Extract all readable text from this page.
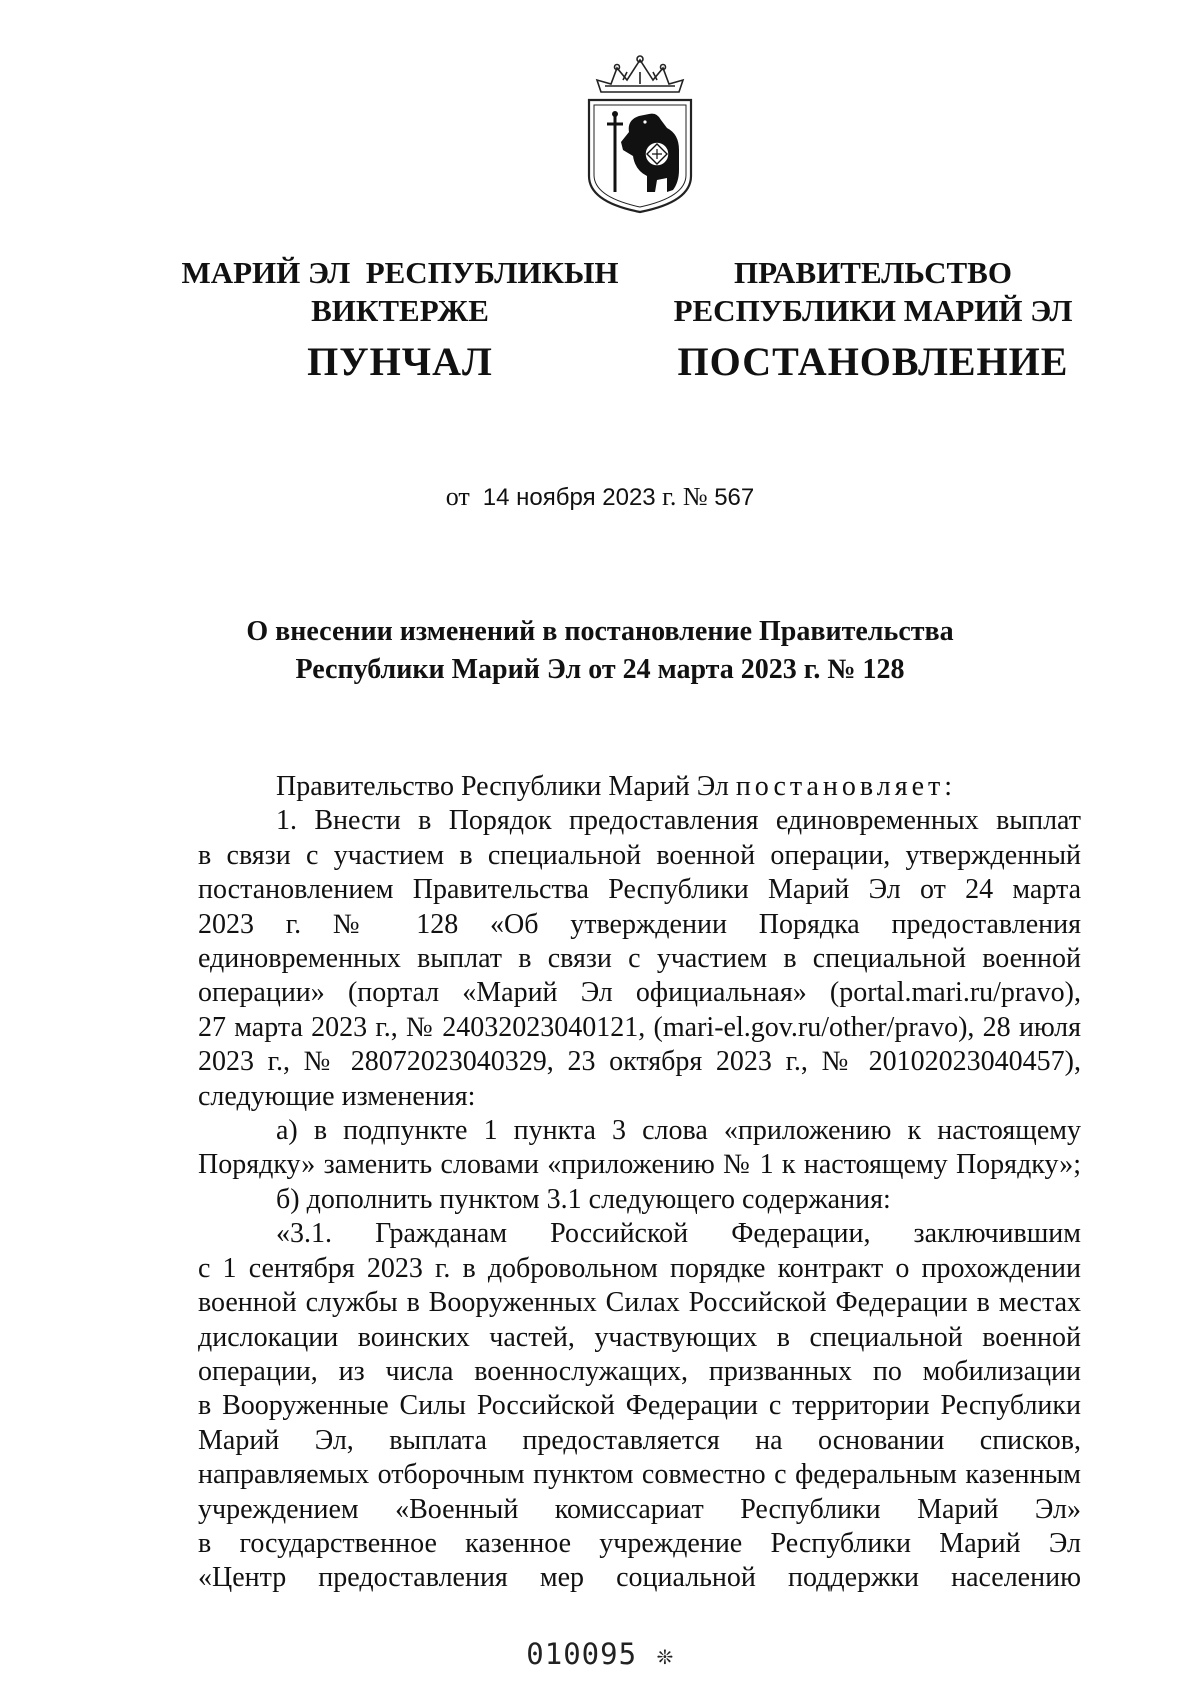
МАРИЙ ЭЛ  РЕСПУБЛИКЫН
ВИКТЕРЖЕ
ПУНЧАЛ
ПРАВИТЕЛЬСТВО
РЕСПУБЛИКИ МАРИЙ ЭЛ
ПОСТАНОВЛЕНИЕ
от 14 ноября 2023 г. № 567
О внесении изменений в постановление Правительства
Республики Марий Эл от 24 марта 2023 г. № 128

Правительство Республики Марий Эл постановляет:

1. Внести в Порядок предоставления единовременных выплат

в связи с участием в специальной военной операции, утвержденный

постановлением Правительства Республики Марий Эл от 24 марта

2023 г. № 128 «Об утверждении Порядка предоставления

единовременных выплат в связи с участием в специальной военной

операции» (портал «Марий Эл официальная» (portal.mari.ru/pravo),

27 марта 2023 г., № 24032023040121, (mari-el.gov.ru/other/pravo), 28 июля

2023 г., № 28072023040329, 23 октября 2023 г., № 20102023040457),

следующие изменения:

а) в подпункте 1 пункта 3 слова «приложению к настоящему

Порядку» заменить словами «приложению № 1 к настоящему Порядку»;

б) дополнить пунктом 3.1 следующего содержания:

«3.1. Гражданам Российской Федерации, заключившим

с 1 сентября 2023 г. в добровольном порядке контракт о прохождении

военной службы в Вооруженных Силах Российской Федерации в местах

дислокации воинских частей, участвующих в специальной военной

операции, из числа военнослужащих, призванных по мобилизации

в Вооруженные Силы Российской Федерации с территории Республики

Марий Эл, выплата предоставляется на основании списков,

направляемых отборочным пунктом совместно с федеральным казенным

учреждением «Военный комиссариат Республики Марий Эл»

в государственное казенное учреждение Республики Марий Эл

«Центр предоставления мер социальной поддержки населению

010095 ❊
